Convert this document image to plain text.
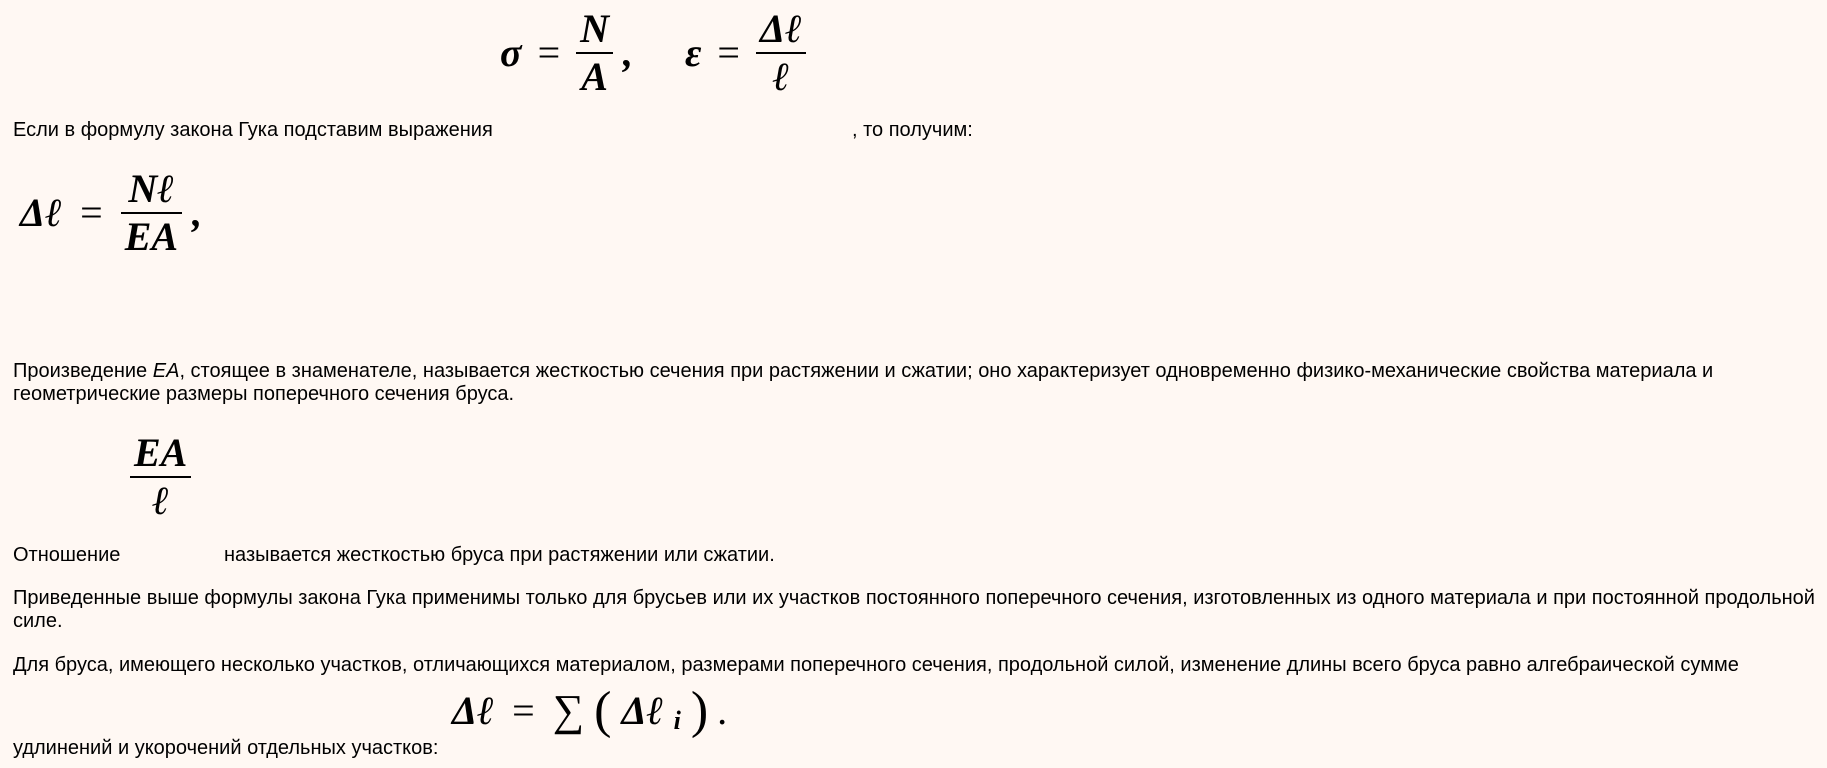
$\sigma = \frac{N}{A}$ , $\varepsilon = \frac{\text{Δℓ}}{\text{ℓ}}$
Если в формулу закона Гука подставим выражения	, то получим:
Δℓ = $\frac{\text{Nℓ}}{EA}$ ,
Произведение EA, стоящее в знаменателе, называется жесткостью сечения при растяжении и сжатии; оно характеризует одновременно физико-механические свойства материала и геометрические размеры поперечного сечения бруса.
$\frac{EA}{\text{ℓ}}$
Отношение	называется жесткостью бруса при растяжении или сжатии.
Приведенные выше формулы закона Гука применимы только для брусьев или их участков постоянного поперечного сечения, изготовленных из одного материала и при постоянной продольной силе.
Для бруса, имеющего несколько участков, отличающихся материалом, размерами поперечного сечения, продольной силой, изменение длины всего бруса равно алгебраической сумме
Δℓ = ∑ ( Δℓ $_i$ ) .
удлинений и укорочений отдельных участков:
